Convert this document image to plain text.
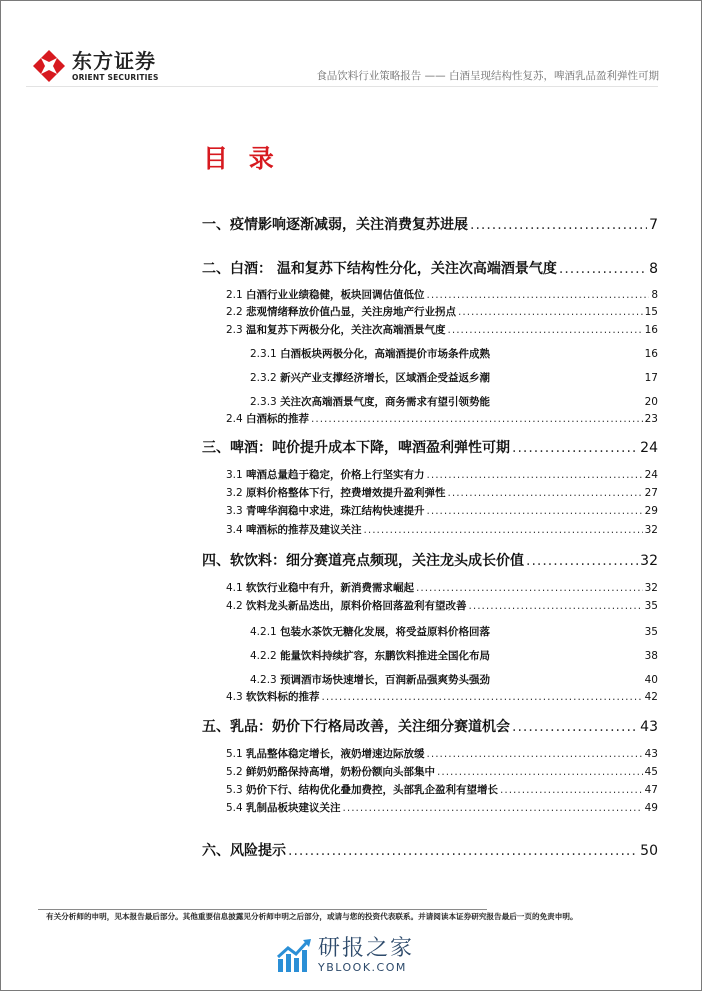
东方证券
ORIENT SECURITIES	食品饮料行业策略报告 —— 白酒呈现结构性复苏，啤酒乳品盈利弹性可期
目 录
一、疫情影响逐渐减弱，关注消费复苏进展 .....	7
二、白酒： 温和复苏下结构性分化，关注次高端酒景气度 .....	8
2.1 白酒行业业绩稳健，板块回调估值低位 .....	8
2.2 悲观情绪释放价值凸显，关注房地产行业拐点 .....	15
2.3 温和复苏下两极分化，关注次高端酒景气度 .....	16
2.3.1 白酒板块两极分化，高端酒提价市场条件成熟	16
2.3.2 新兴产业支撑经济增长，区域酒企受益返乡潮	17
2.3.3 关注次高端酒景气度，商务需求有望引领势能	20
2.4 白酒标的推荐 .....	23
三、啤酒：吨价提升成本下降，啤酒盈利弹性可期 .....	24
3.1 啤酒总量趋于稳定，价格上行坚实有力 .....	24
3.2 原料价格整体下行，控费增效提升盈利弹性 .....	27
3.3 青啤华润稳中求进，珠江结构快速提升 .....	29
3.4 啤酒标的推荐及建议关注 .....	32
四、软饮料：细分赛道亮点频现，关注龙头成长价值 .....	32
4.1 软饮行业稳中有升，新消费需求崛起 .....	32
4.2 饮料龙头新品迭出，原料价格回落盈利有望改善 .....	35
4.2.1 包装水茶饮无糖化发展，将受益原料价格回落	35
4.2.2 能量饮料持续扩容，东鹏饮料推进全国化布局	38
4.2.3 预调酒市场快速增长，百润新品强爽势头强劲	40
4.3 软饮料标的推荐 .....	42
五、乳品：奶价下行格局改善，关注细分赛道机会 .....	43
5.1 乳品整体稳定增长，液奶增速边际放缓 .....	43
5.2 鲜奶奶酪保持高增，奶粉份额向头部集中 .....	45
5.3 奶价下行、结构优化叠加费控，头部乳企盈利有望增长 .....	47
5.4 乳制品板块建议关注 .....	49
六、风险提示 .....	50
有关分析师的申明，见本报告最后部分。其他重要信息披露见分析师申明之后部分，或请与您的投资代表联系。并请阅读本证券研究报告最后一页的免责申明。
研报之家
YBLOOK.COM
